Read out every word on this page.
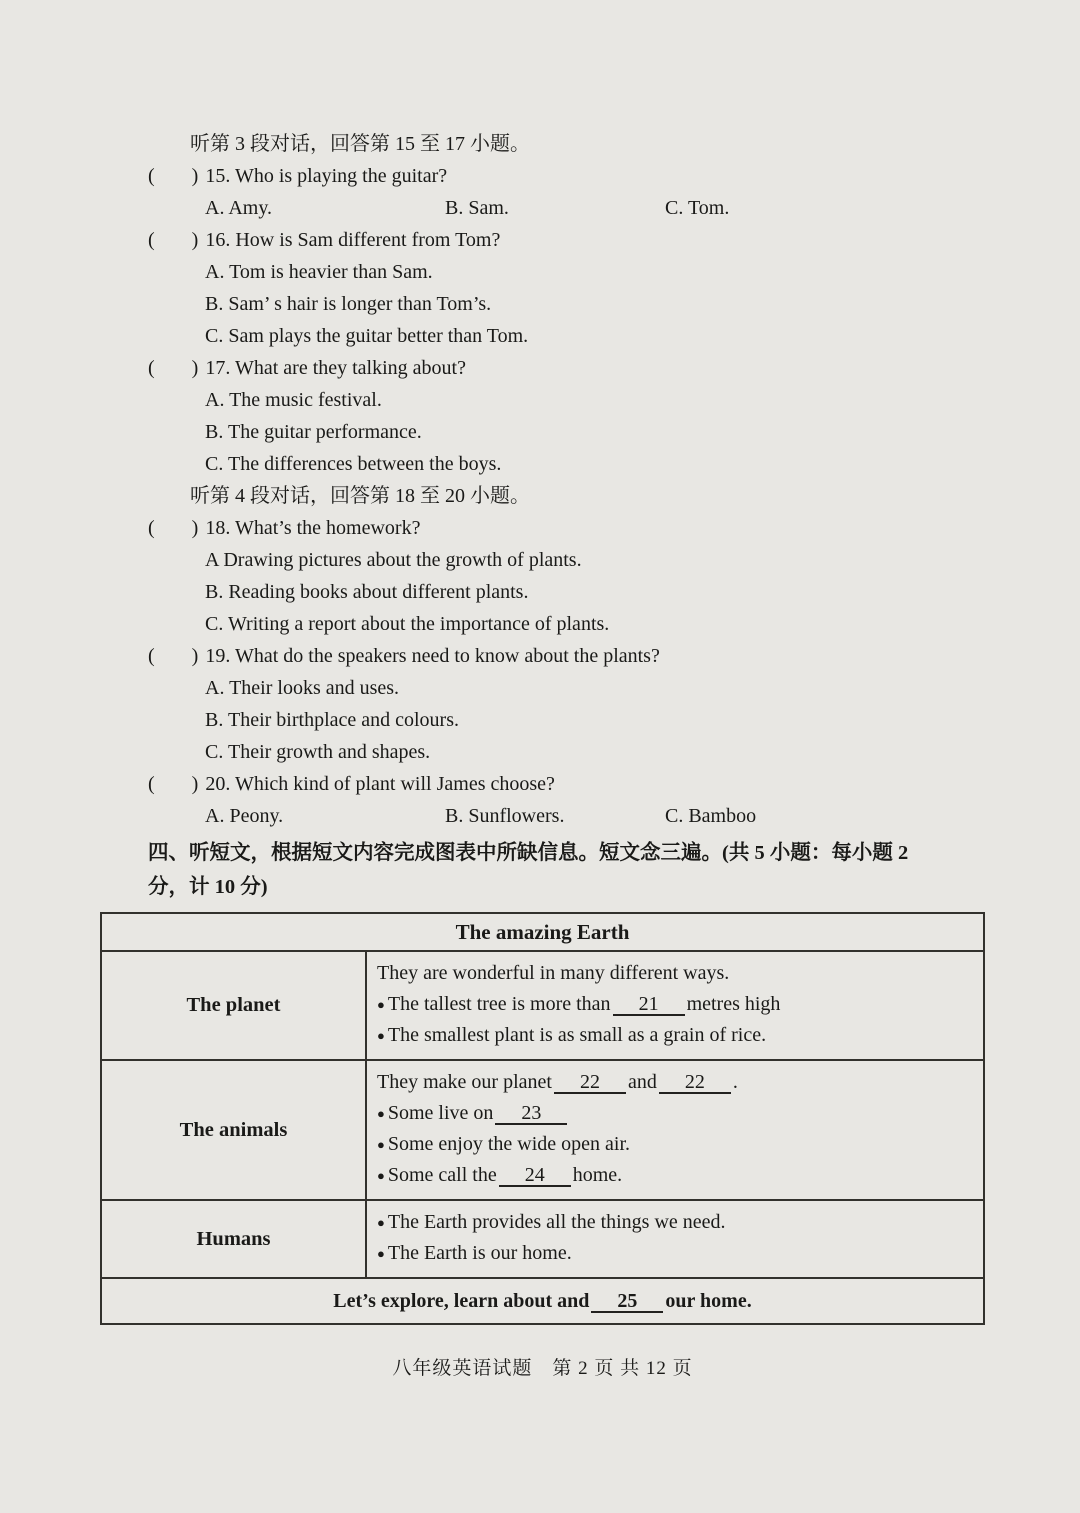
听第 3 段对话，回答第 15 至 17 小题。
(      ) 15. Who is playing the guitar?
A. Amy.	B. Sam.	C. Tom.
(      ) 16. How is Sam different from Tom?
A. Tom is heavier than Sam.
B. Sam’ s hair is longer than Tom’s.
C. Sam plays the guitar better than Tom.
(      ) 17. What are they talking about?
A. The music festival.
B. The guitar performance.
C. The differences between the boys.
听第 4 段对话，回答第 18 至 20 小题。
(      ) 18. What’s the homework?
A Drawing pictures about the growth of plants.
B. Reading books about different plants.
C. Writing a report about the importance of plants.
(      ) 19. What do the speakers need to know about the plants?
A. Their looks and uses.
B. Their birthplace and colours.
C. Their growth and shapes.
(      ) 20. Which kind of plant will James choose?
A. Peony.	B. Sunflowers.	C. Bamboo
四、听短文，根据短文内容完成图表中所缺信息。短文念三遍。(共 5 小题：每小题 2 分，计 10 分)
The amazing Earth	
The planet	They are wonderful in many different ways.
● The tallest tree is more than 21 metres high
● The smallest plant is as small as a grain of rice.

The animals	They make our planet 22 and 22 .
● Some live on 23
● Some enjoy the wide open air.
● Some call the 24 home.

Humans	● The Earth provides all the things we need.
● The Earth is our home.

Let’s explore, learn about and 25 our home.	
八年级英语试题　第 2 页 共 12 页
